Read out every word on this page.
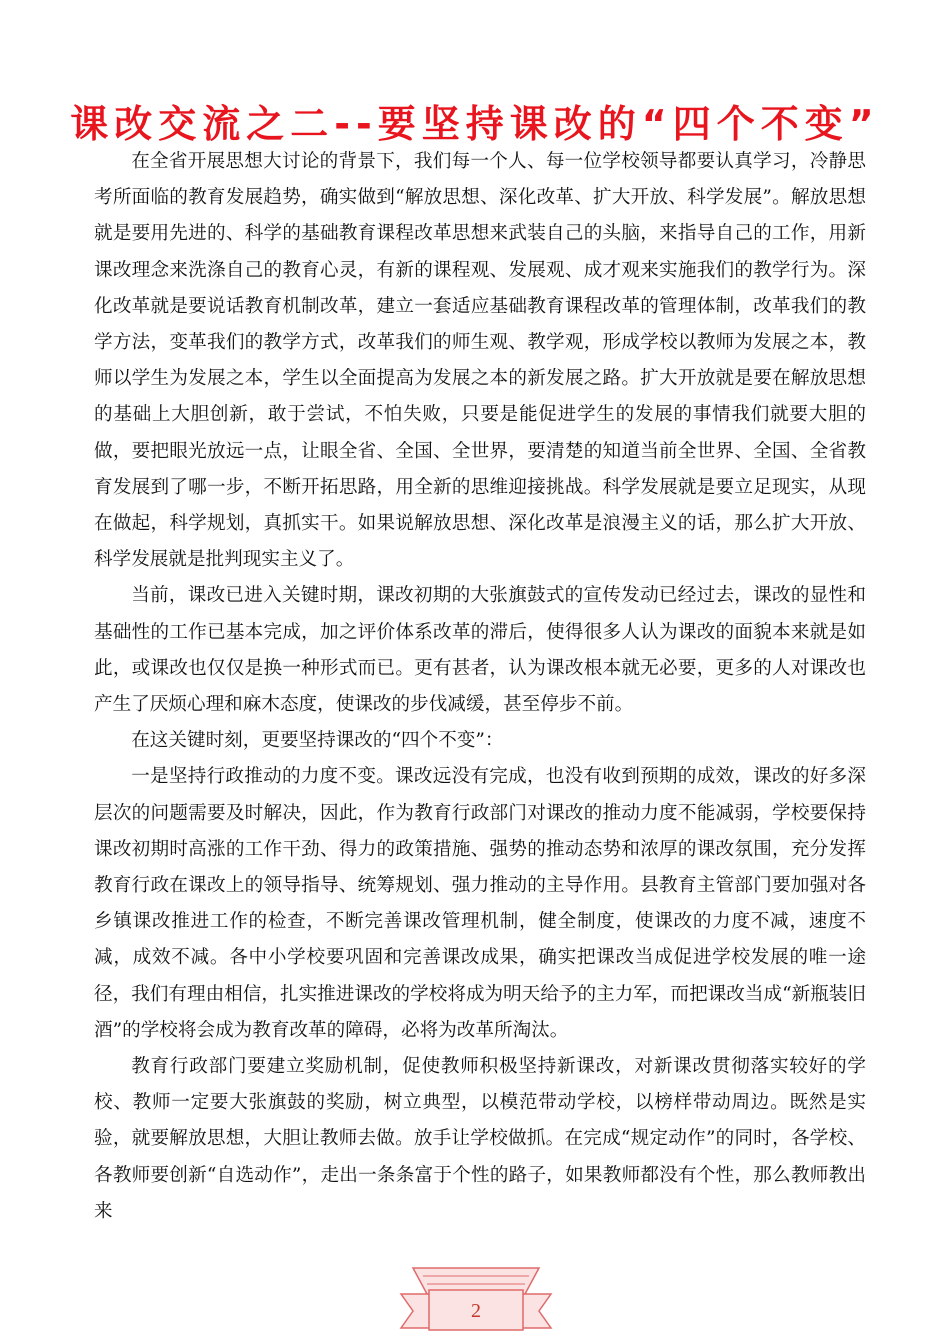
课改交流之二--要坚持课改的“四个不变”

在全省开展思想大讨论的背景下，我们每一个人、每一位学校领导都要认真学习，冷静思考所面临的教育发展趋势，确实做到“解放思想、深化改革、扩大开放、科学发展”。解放思想就是要用先进的、科学的基础教育课程改革思想来武装自己的头脑，来指导自己的工作，用新课改理念来洗涤自己的教育心灵，有新的课程观、发展观、成才观来实施我们的教学行为。深化改革就是要说话教育机制改革，建立一套适应基础教育课程改革的管理体制，改革我们的教学方法，变革我们的教学方式，改革我们的师生观、教学观，形成学校以教师为发展之本，教师以学生为发展之本，学生以全面提高为发展之本的新发展之路。扩大开放就是要在解放思想的基础上大胆创新，敢于尝试，不怕失败，只要是能促进学生的发展的事情我们就要大胆的做，要把眼光放远一点，让眼全省、全国、全世界，要清楚的知道当前全世界、全国、全省教育发展到了哪一步，不断开拓思路，用全新的思维迎接挑战。科学发展就是要立足现实，从现在做起，科学规划，真抓实干。如果说解放思想、深化改革是浪漫主义的话，那么扩大开放、科学发展就是批判现实主义了。

当前，课改已进入关键时期，课改初期的大张旗鼓式的宣传发动已经过去，课改的显性和基础性的工作已基本完成，加之评价体系改革的滞后，使得很多人认为课改的面貌本来就是如此，或课改也仅仅是换一种形式而已。更有甚者，认为课改根本就无必要，更多的人对课改也产生了厌烦心理和麻木态度，使课改的步伐减缓，甚至停步不前。

在这关键时刻，更要坚持课改的“四个不变”：

一是坚持行政推动的力度不变。课改远没有完成，也没有收到预期的成效，课改的好多深层次的问题需要及时解决，因此，作为教育行政部门对课改的推动力度不能减弱，学校要保持课改初期时高涨的工作干劲、得力的政策措施、强势的推动态势和浓厚的课改氛围，充分发挥教育行政在课改上的领导指导、统筹规划、强力推动的主导作用。县教育主管部门要加强对各乡镇课改推进工作的检查，不断完善课改管理机制，健全制度，使课改的力度不减，速度不减，成效不减。各中小学校要巩固和完善课改成果，确实把课改当成促进学校发展的唯一途径，我们有理由相信，扎实推进课改的学校将成为明天给予的主力军，而把课改当成“新瓶装旧酒”的学校将会成为教育改革的障碍，必将为改革所淘汰。

教育行政部门要建立奖励机制，促使教师积极坚持新课改，对新课改贯彻落实较好的学校、教师一定要大张旗鼓的奖励，树立典型，以模范带动学校，以榜样带动周边。既然是实验，就要解放思想，大胆让教师去做。放手让学校做抓。在完成“规定动作”的同时，各学校、各教师要创新“自选动作”，走出一条条富于个性的路子，如果教师都没有个性，那么教师教出来

2
